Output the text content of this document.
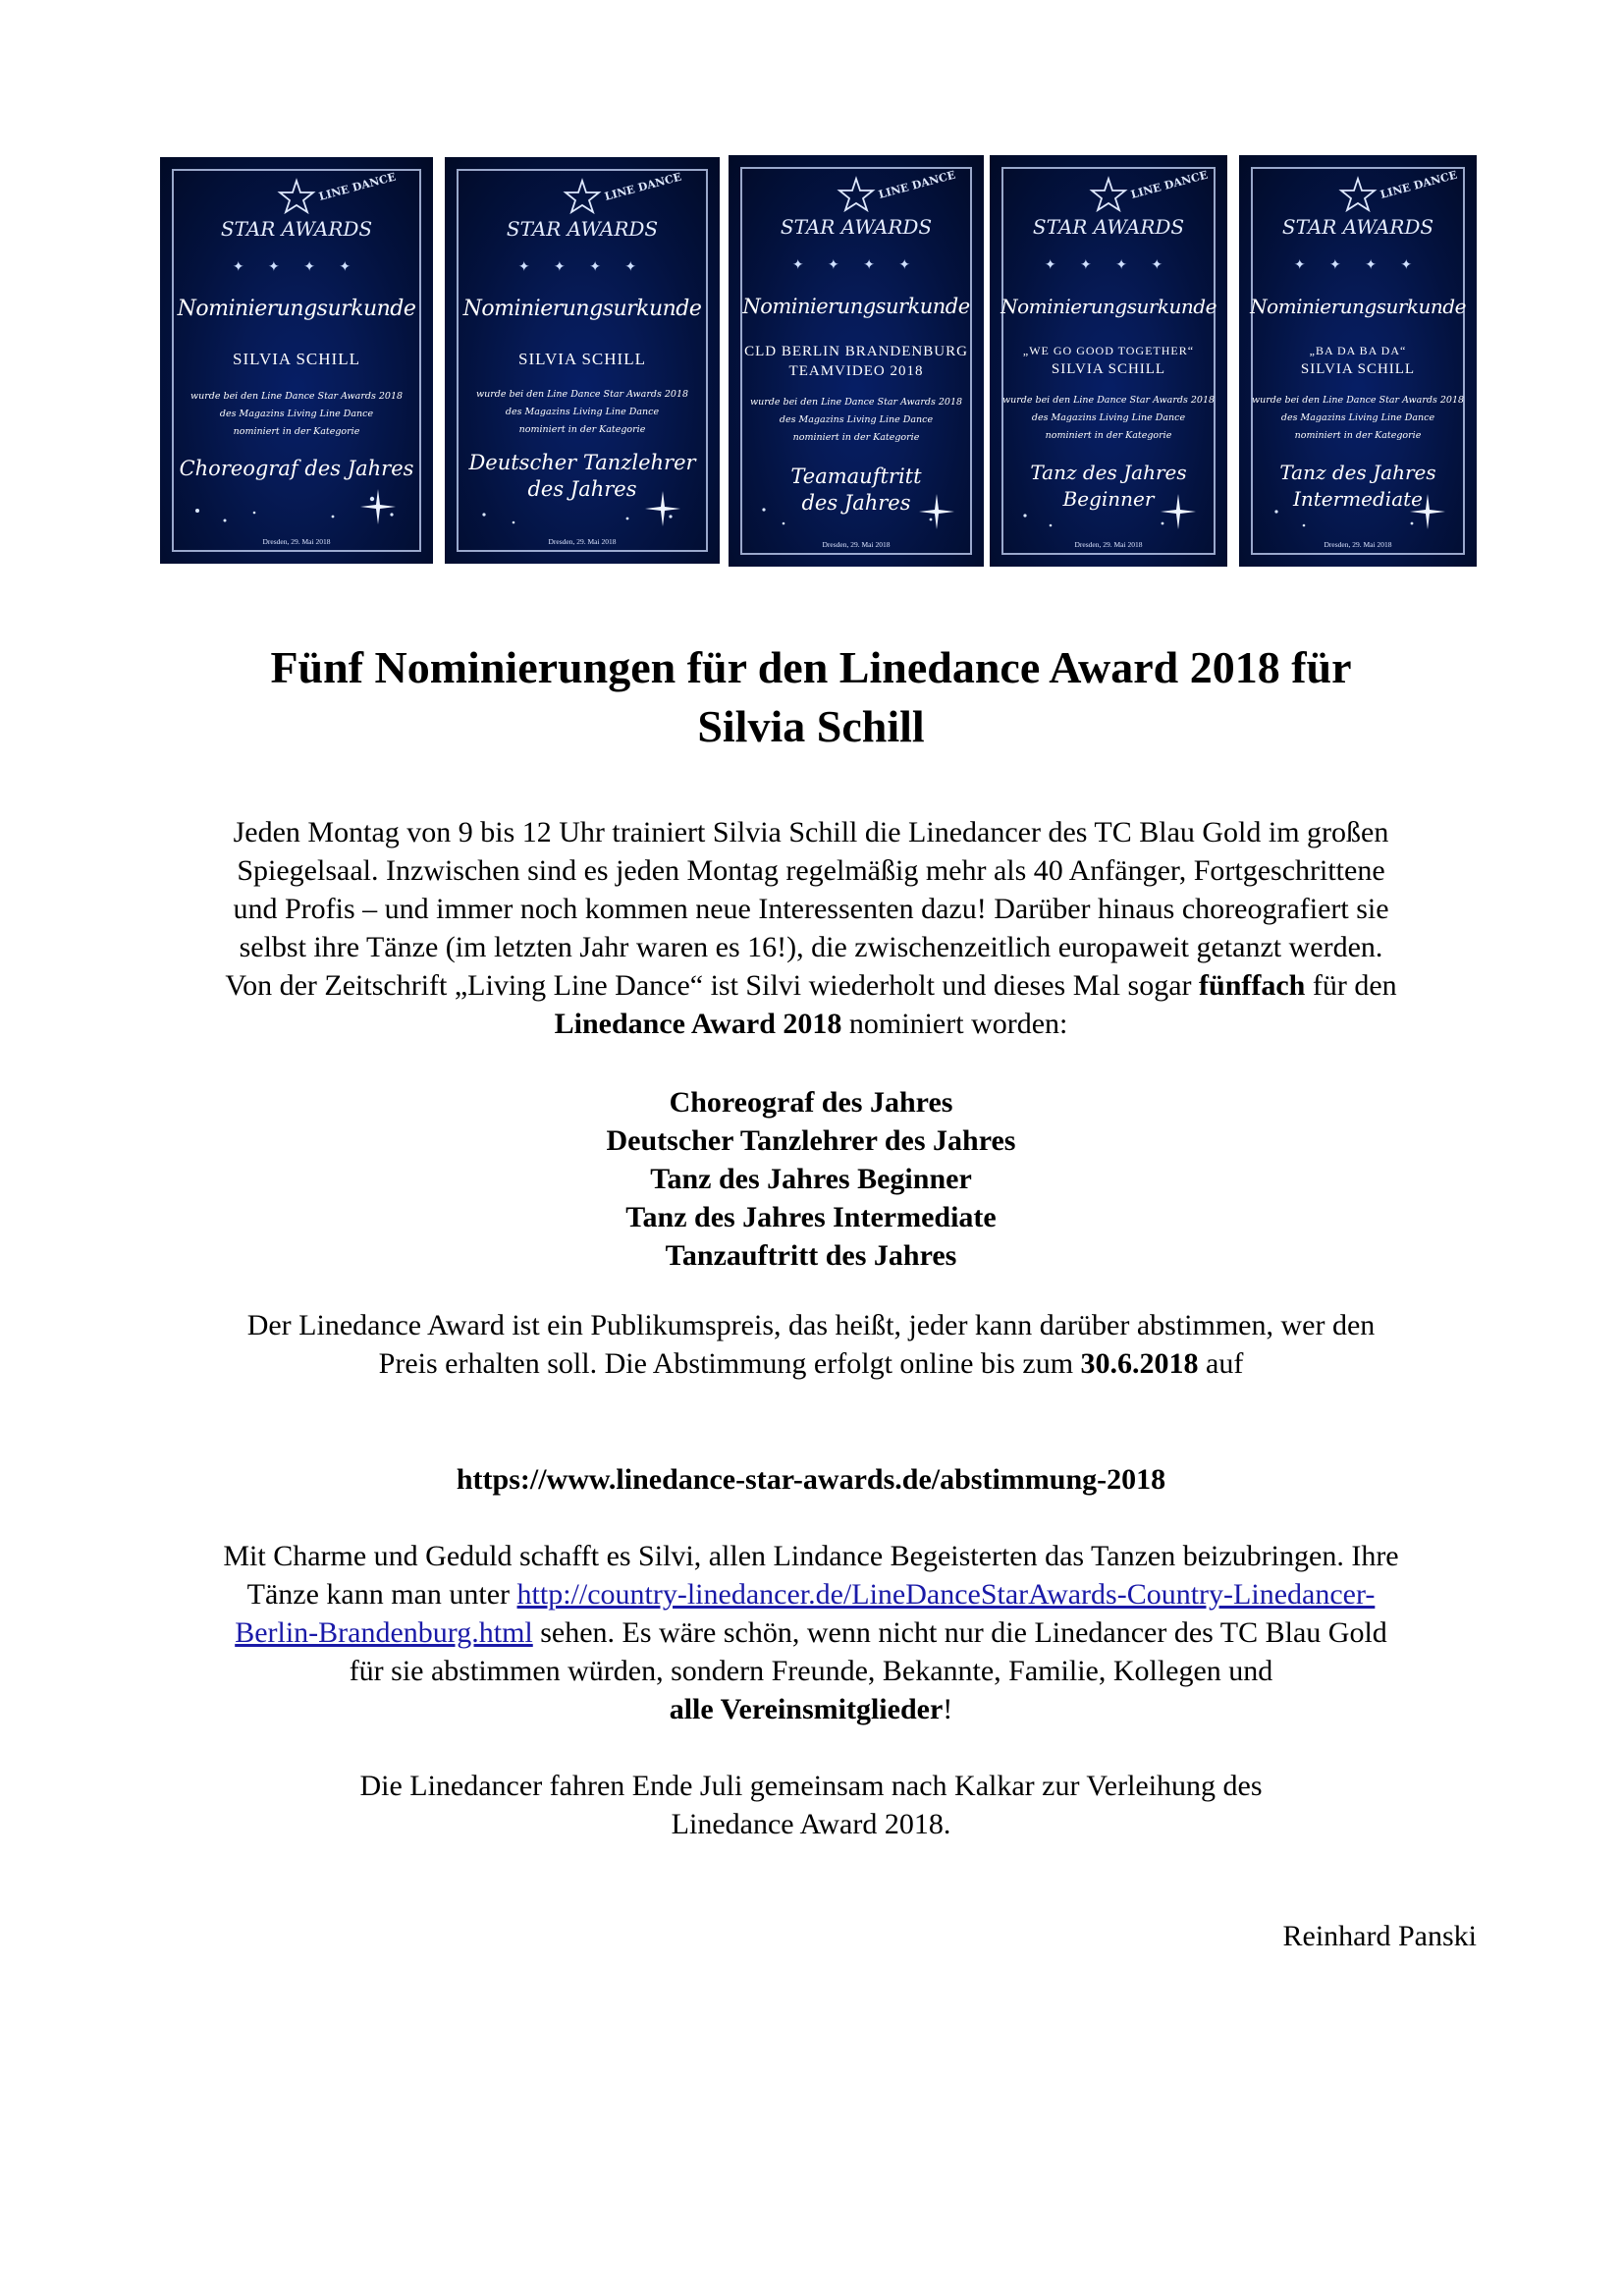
LINE DANCE
STAR AWARDS
✦ ✦ ✦ ✦
Nominierungsurkunde
SILVIA SCHILL
wurde bei den Line Dance Star Awards 2018
des Magazins Living Line Dance
nominiert in der Kategorie
Choreograf des Jahres
Dresden, 29. Mai 2018
LINE DANCE
STAR AWARDS
✦ ✦ ✦ ✦
Nominierungsurkunde
SILVIA SCHILL
wurde bei den Line Dance Star Awards 2018
des Magazins Living Line Dance
nominiert in der Kategorie
Deutscher Tanzlehrer
des Jahres
Dresden, 29. Mai 2018
LINE DANCE
STAR AWARDS
✦ ✦ ✦ ✦
Nominierungsurkunde
CLD BERLIN BRANDENBURG
TEAMVIDEO 2018
wurde bei den Line Dance Star Awards 2018
des Magazins Living Line Dance
nominiert in der Kategorie
Teamauftritt
des Jahres
Dresden, 29. Mai 2018
LINE DANCE
STAR AWARDS
✦ ✦ ✦ ✦
Nominierungsurkunde
„WE GO GOOD TOGETHER“
SILVIA SCHILL
wurde bei den Line Dance Star Awards 2018
des Magazins Living Line Dance
nominiert in der Kategorie
Tanz des Jahres
Beginner
Dresden, 29. Mai 2018
LINE DANCE
STAR AWARDS
✦ ✦ ✦ ✦
Nominierungsurkunde
„BA DA BA DA“
SILVIA SCHILL
wurde bei den Line Dance Star Awards 2018
des Magazins Living Line Dance
nominiert in der Kategorie
Tanz des Jahres
Intermediate
Dresden, 29. Mai 2018
Fünf Nominierungen für den Linedance Award 2018 für
Silvia Schill
Jeden Montag von 9 bis 12 Uhr trainiert Silvia Schill die Linedancer des TC Blau Gold im großen
Spiegelsaal. Inzwischen sind es jeden Montag regelmäßig mehr als 40 Anfänger, Fortgeschrittene
und Profis – und immer noch kommen neue Interessenten dazu! Darüber hinaus choreografiert sie
selbst ihre Tänze (im letzten Jahr waren es 16!), die zwischenzeitlich europaweit getanzt werden.
Von der Zeitschrift „Living Line Dance“ ist Silvi wiederholt und dieses Mal sogar fünffach für den
Linedance Award 2018 nominiert worden:
Choreograf des Jahres
Deutscher Tanzlehrer des Jahres
Tanz des Jahres Beginner
Tanz des Jahres Intermediate
Tanzauftritt des Jahres
Der Linedance Award ist ein Publikumspreis, das heißt, jeder kann darüber abstimmen, wer den
Preis erhalten soll. Die Abstimmung erfolgt online bis zum 30.6.2018 auf
https://www.linedance-star-awards.de/abstimmung-2018
Mit Charme und Geduld schafft es Silvi, allen Lindance Begeisterten das Tanzen beizubringen. Ihre
Tänze kann man unter http://country-linedancer.de/LineDanceStarAwards-Country-Linedancer-
Berlin-Brandenburg.html sehen. Es wäre schön, wenn nicht nur die Linedancer des TC Blau Gold
für sie abstimmen würden, sondern Freunde, Bekannte, Familie, Kollegen und
alle Vereinsmitglieder!
Die Linedancer fahren Ende Juli gemeinsam nach Kalkar zur Verleihung des
Linedance Award 2018.
Reinhard Panski
